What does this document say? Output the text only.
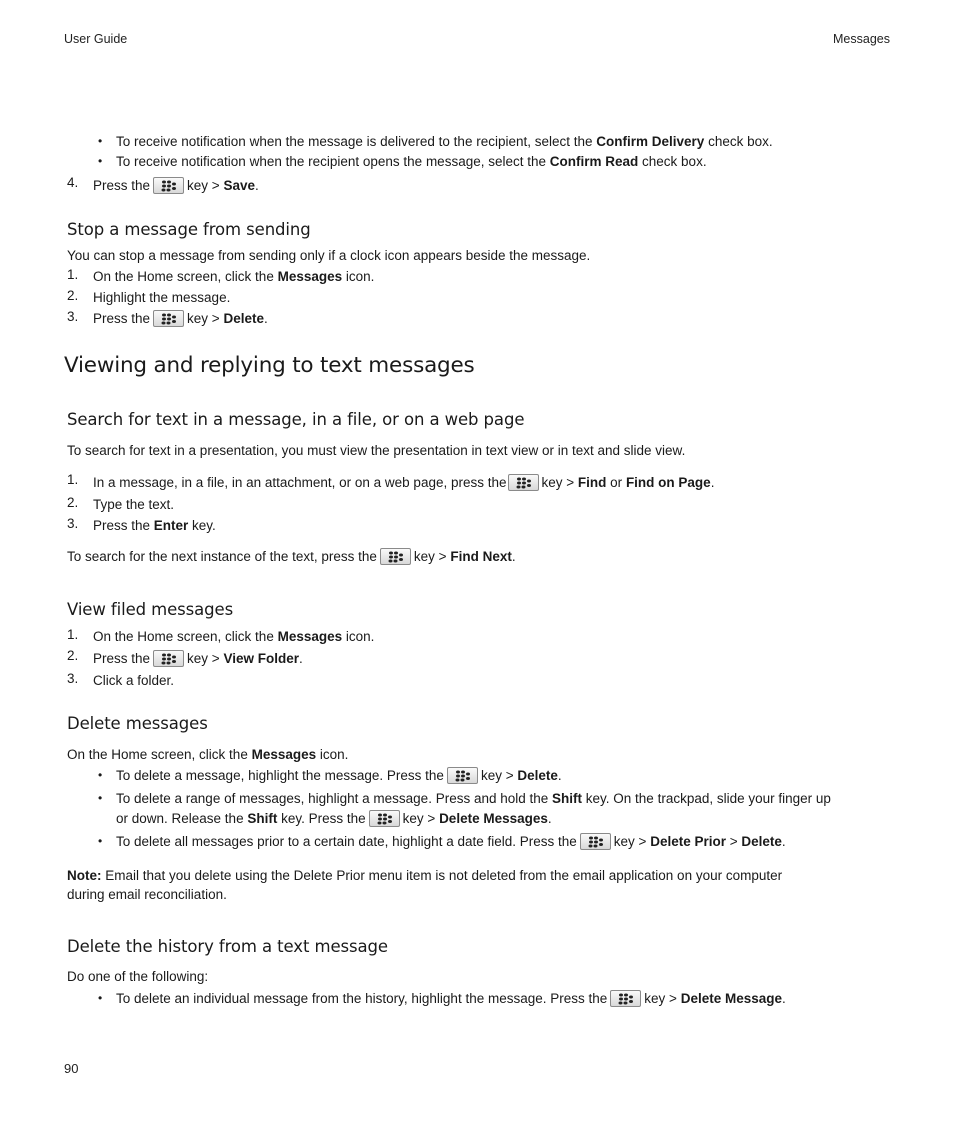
User Guide	Messages
• To receive notification when the message is delivered to the recipient, select the Confirm Delivery check box.
• To receive notification when the recipient opens the message, select the Confirm Read check box.
4. Press the	key > Save.
Stop a message from sending
You can stop a message from sending only if a clock icon appears beside the message.
1. On the Home screen, click the Messages icon.
2. Highlight the message.
3. Press the	key > Delete.
Viewing and replying to text messages
Search for text in a message, in a file, or on a web page
To search for text in a presentation, you must view the presentation in text view or in text and slide view.
1. In a message, in a file, in an attachment, or on a web page, press the	key > Find or Find on Page.
2. Type the text.
3. Press the Enter key.
To search for the next instance of the text, press the	key > Find Next.
View filed messages
1. On the Home screen, click the Messages icon.
2. Press the	key > View Folder.
3. Click a folder.
Delete messages
On the Home screen, click the Messages icon.
• To delete a message, highlight the message. Press the	key > Delete.
• To delete a range of messages, highlight a message. Press and hold the Shift key. On the trackpad, slide your finger up
or down. Release the Shift key. Press the	key > Delete Messages.
• To delete all messages prior to a certain date, highlight a date field. Press the	key > Delete Prior > Delete.
Note: Email that you delete using the Delete Prior menu item is not deleted from the email application on your computer
during email reconciliation.
Delete the history from a text message
Do one of the following:
• To delete an individual message from the history, highlight the message. Press the	key > Delete Message.
90
